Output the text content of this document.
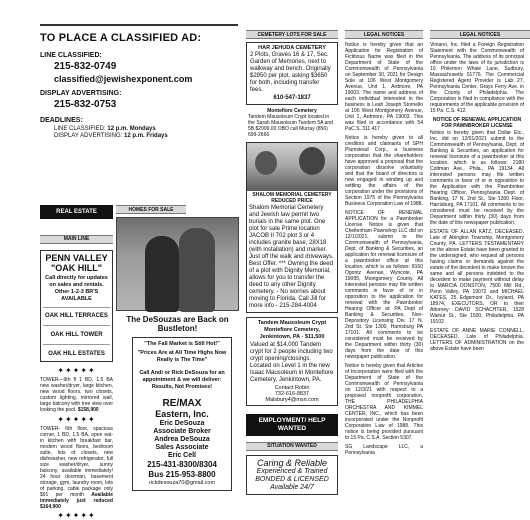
TO PLACE A CLASSIFIED AD:
LINE CLASSIFIED:
215-832-0749
classified@jewishexponent.com
DISPLAY ADVERTISING:
215-832-0753
DEADLINES:
LINE CLASSIFIED: 12 p.m. Mondays
DISPLAY ADVERTISING: 12 p.m. Fridays
REAL ESTATE
MAIN LINE
PENN VALLEY
"OAK HILL"
Call directly for updates on sales and rentals. Other 1-2-3 BR'S AVAILABLE
OAK HILL TERRACES
OAK HILL TOWER
OAK HILL ESTATES
✦✦✦✦✦
TOWER—9th fl 1 BD, 1.5 BA new washer/dryer, large kitchen, new wood floors, two closets, custom lighting, mirrored wall, large balcony with tree view over looking the pool. $158,900
✦✦✦✦✦
TOWER- 6th floor, spacious corner, 1 BD, 1.5 BA, open eat-in kitchen with breakfast bar, modern wood floors, bedroom suite, lots of closets, new dishwasher, new refrigerator, full size washer/dryer, sunny balcony, available immediately! 24 hour doorman, basement storage, gym, laundry room, lots of parking, cable package only $91 per month Available immediately just reduced $164,900
✦✦✦✦✦
HOMES FOR SALE
The DeSouzas are Back on Bustleton!
"The Fall Market is Still Hot!"
"Prices Are at All Time Highs Now Really is The Time"
Call Andi or Rick DeSouza for an appointment & we will deliver: Results, Not Promises!
RE/MAX
Eastern, Inc.
Eric DeSouza
Associate Broker
Andrea DeSouza
Sales Associate
Eric Cell
215-431-8300/8304
Bus 215-953-8800
rickdesouza70@gmail.com
CEMETERY LOTS FOR SALE
HAR JEHUDA CEMETERY
2 Plots, Graves 16 & 17, Sec. Garden of Memories, next to walkway and bench. Originally $2950 per plot, asking $3650 for both, including transfer fees.
610-547-1837
Montefiore Cemetery
Tandem Mausoleum Crypt located in the Sarah Mausoleum Tandem 5A and 5B $2999.00 OBO call Murray (856) 699-2666
SHALOM MEMORIAL CEMETERY REDUCED PRICE
Shalom Memorial Cemetery and Jewish law permit two burials in the same plot. One plot for sale Prime location JACOB II 702 plot 3 or 4 includes granite base, 28X18 (with installation) and marker. Just off the walk and driveways. Best Offer. *** Owning the deed of a plot with Dignity Memorial, allows for you to transfer the deed to any other Dignity cemetery. - No worries about moving to Florida. Call Jill for more info - 215-284-4004
Tandem Mausoleum Crypt Montefiore Cemetery, Jenkintown, PA - $11,500
Valued at $14,000 Tandem crypt for 2 people including two crypt opening/closings. Located on Level 1 in the new Isaac Mausoleum in Montefiore Cemetery, Jenkintown, PA.
Contact Robin
732-616-8837
Malsbury4@msn.com
EMPLOYMENT/ HELP WANTED
SITUATION WANTED
Caring & Reliable
Experienced & Trained
BONDED & LICENSED
Available 24/7
LEGAL NOTICES

Notice is hereby given that an Application for Registration of Fictitious Name was filed in the Department of State of the Commonwealth of Pennsylvania on September 30, 2021 for Design Sole at 106 West Montgomery Avenue, Unit 1, Ardmore, PA 19003. The name and address of each individual interested in the business is Leah Joseph Stornello at 106 West Montgomery Avenue, Unit 1, Ardmore, PA 19003. This was filed in accordance with 54 PaC.S. 311.417

Notice is hereby given to all creditors and claimants of SPH Plumstead Corp., a business corporation that the shareholders have approved a proposal that the corporation dissolve voluntarily and that the board of directors is now engaged in winding up and settling the affairs of the corporation under the provisions of Section 1975 of the Pennsylvania Business Corporation Law of 1988.

NOTICE OF RENEWAL APPLICATION for a Pawnbroker License. Notice is given that Cheltenham Pawnshop LLC did on 12/1/2021, submit to the Commonwealth of Pennsylvania, Dept. of Banking & Securities, an application for renewal licensure of a pawnbroker office at this location, which is as follows: 8160 Ogontz Avenue, Wyncote, PA 19095, Montgomery County. All interested persons may file written comments in favor of or in opposition to the application for renewal with the Pawnbroker Hearing Officer at: PA Dept of Banking & Securities, Non-Depository Licensing Div. 17 N. 2nd St. Ste 1300, Harrisburg PA 17101. All comments to be considered must be received by the Department within thirty (30) days from the date of this newspaper publication.

Notice is hereby given that Articles of Incorporation were filed with the Department of State of the Commonwealth of Pennsylvania on 12/3/21 with respect to a proposed nonprofit corporation, THE PHILADELPHIA ORCHESTRA AND KIMMEL CENTER, INC., which has been incorporated under the Nonprofit Corporation Law of 1988. This notice is being provided pursuant to 15 Pa. C.S.A. Section 5307.

SG Landscape LLC, a Pennsylvania

LEGAL NOTICES

Vimano, Inc. filed a Foreign Registration Statement with the Commonwealth of Pennsylvania. The address of its principal office under the laws of its jurisdiction is 10 Philemon Whale Lane, Sudbury, Massachusetts 01776. The Commercial Registered Agent Provider is Lab 27, Pennsylvania Center, Grays Ferry Ave. in the County of Philadelphia. The Corporation is filed in compliance with the requirements of the applicable provision of 15 Pa. C.S. 412.

NOTICE OF RENEWAL APPLICATION FOR PAWNBROKER LICENSE

Notice is hereby given that Dollar Etc., Inc. did on 12/01/2021 submit to the Commonwealth of Pennsylvania, Dept. of Banking & Securities, an application for renewal licensure of a pawnbroker at this location, which is as follows: 2180 Cottman Ave., Phila., PA 19134. All interested persons may file written comments in favor of or in opposition to the Application with the Pawnbroker Hearing Officer, Pennsylvania Dept. of Banking, 17 N. 2nd St., Ste 1300 Floor, Harrisburg, PA 17101. All comments to be considered must be received by the Department within thirty (30) days from the date of this newspaper publication.

ESTATE OF ALLAN KATZ, DECEASED. Late of Abington Township, Montgomery County, PA. LETTERS TESTAMENTARY on the above Estate have been granted to the undersigned, who request all persons having claims or demands against the estate of the decedent to make known the same and all persons indebted to the decedent to make payment without delay to MARCIA DONSTON, 7500 Mill Rd., Penn Valley, PA 19072 and MICHAEL KATES, 25 Edgemont Dr., Ivyland, PA 18974, EXECUTORS, OR to their Attorney: DAVID SCHACHTER, 1528 Walnut St., Ste 1500, Philadelphia, PA 19102

ESTATE OF ANNE MARIE CONNELL, DECEASED. Late of Philadelphia. LETTERS OF ADMINISTRATION on the above Estate have been
